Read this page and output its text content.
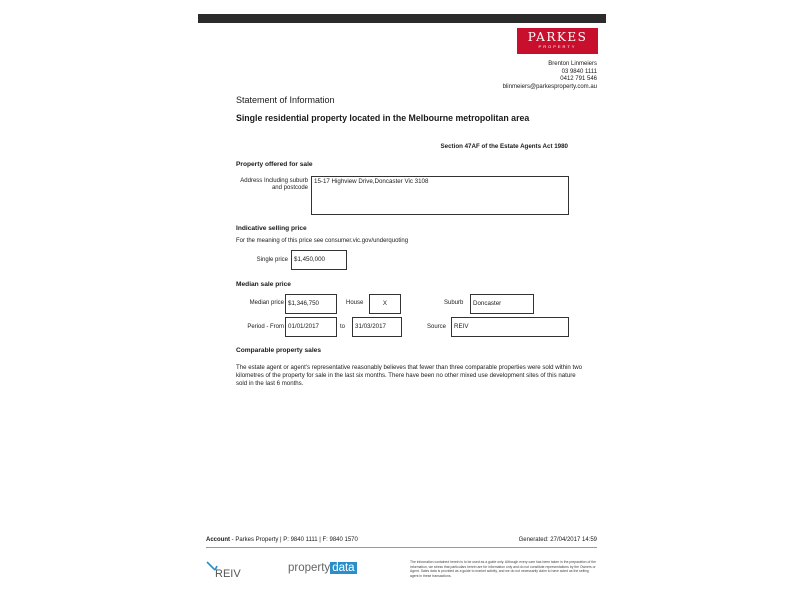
PARKES
PROPERTY
Brenton Linmeiers
03 9840 1111
0412 791 546
blinmeiers@parkesproperty.com.au
Statement of Information
Single residential property located in the Melbourne metropolitan area
Section 47AF of the Estate Agents Act 1980
Property offered for sale
Address Including suburb and postcode
15-17 Highview Drive,Doncaster Vic 3108
Indicative selling price
For the meaning of this price see consumer.vic.gov/underquoting
Single price $1,450,000
Median sale price
Median price $1,346,750	House	X	Suburb	Doncaster
Period - From 01/01/2017	to	31/03/2017	Source	REIV
Comparable property sales
The estate agent or agent's representative reasonably believes that fewer than three comparable properties were sold within two kilometres of the property for sale in the last six months. There have been no other mixed use development sites of this nature sold in the last 6 months.
Account - Parkes Property | P: 9840 1111 | F: 9840 1570	Generated: 27/04/2017 14:59
REIV	property data	The information contained herein is to be used as a guide only. Although every care has been taken in the preparation of the information, we stress that particulars herein are for information only and do not constitute representations by the Owners or Agent. Sales data is provided as a guide to market activity, and we do not necessarily claim to have acted as the selling agent in these transactions.
